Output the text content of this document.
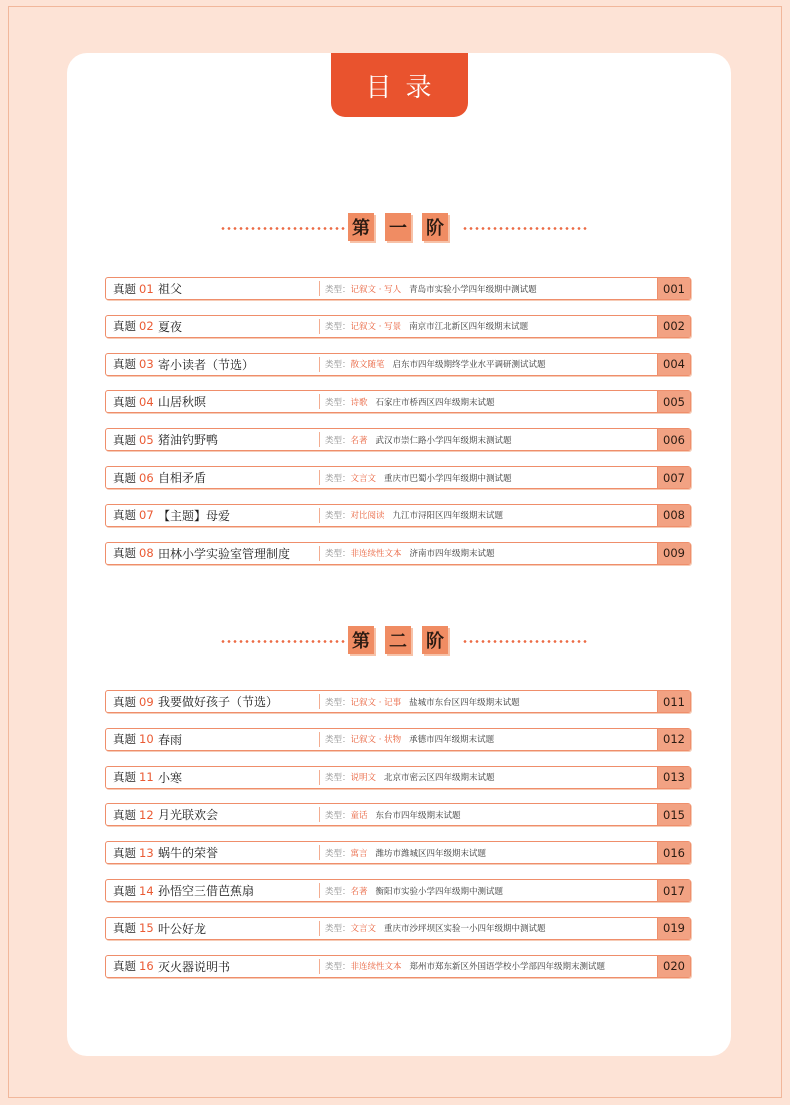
目录
第 一 阶
真题 01 祖父	类型： 记叙文 · 写人 青岛市实验小学四年级期中测试题	001
真题 02 夏夜	类型： 记叙文 · 写景 南京市江北新区四年级期末试题	002
真题 03 寄小读者（节选）	类型： 散文随笔 启东市四年级期终学业水平调研测试试题	004
真题 04 山居秋暝	类型： 诗歌 石家庄市桥西区四年级期末试题	005
真题 05 猪油钓野鸭	类型： 名著 武汉市崇仁路小学四年级期末测试题	006
真题 06 自相矛盾	类型： 文言文 重庆市巴蜀小学四年级期中测试题	007
真题 07 【主题】母爱	类型： 对比阅读 九江市浔阳区四年级期末试题	008
真题 08 田林小学实验室管理制度	类型： 非连续性文本 济南市四年级期末试题	009
第 二 阶
真题 09 我要做好孩子（节选）	类型： 记叙文 · 记事 盐城市东台区四年级期末试题	011
真题 10 春雨	类型： 记叙文 · 状物 承德市四年级期末试题	012
真题 11 小寒	类型： 说明文 北京市密云区四年级期末试题	013
真题 12 月光联欢会	类型： 童话 东台市四年级期末试题	015
真题 13 蜗牛的荣誉	类型： 寓言 潍坊市潍城区四年级期末试题	016
真题 14 孙悟空三借芭蕉扇	类型： 名著 衡阳市实验小学四年级期中测试题	017
真题 15 叶公好龙	类型： 文言文 重庆市沙坪坝区实验一小四年级期中测试题	019
真题 16 灭火器说明书	类型： 非连续性文本 郑州市郑东新区外国语学校小学部四年级期末测试题	020
